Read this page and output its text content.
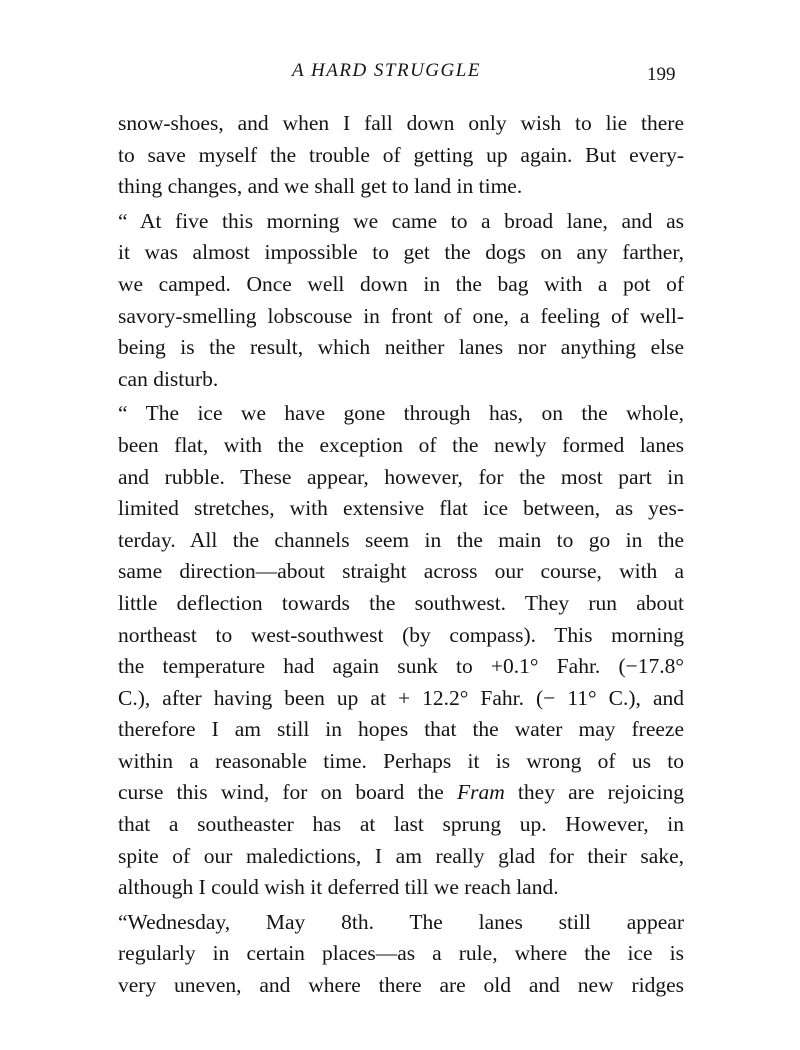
A HARD STRUGGLE	199
snow-shoes, and when I fall down only wish to lie there
to save myself the trouble of getting up again. But every-
thing changes, and we shall get to land in time.
“ At five this morning we came to a broad lane, and as
it was almost impossible to get the dogs on any farther,
we camped. Once well down in the bag with a pot of
savory-smelling lobscouse in front of one, a feeling of well-
being is the result, which neither lanes nor anything else
can disturb.
“ The ice we have gone through has, on the whole,
been flat, with the exception of the newly formed lanes
and rubble. These appear, however, for the most part in
limited stretches, with extensive flat ice between, as yes-
terday. All the channels seem in the main to go in the
same direction—about straight across our course, with a
little deflection towards the southwest. They run about
northeast to west-southwest (by compass). This morning
the temperature had again sunk to +0.1° Fahr. (−17.8°
C.), after having been up at + 12.2° Fahr. (− 11° C.), and
therefore I am still in hopes that the water may freeze
within a reasonable time. Perhaps it is wrong of us to
curse this wind, for on board the Fram they are rejoicing
that a southeaster has at last sprung up. However, in
spite of our maledictions, I am really glad for their sake,
although I could wish it deferred till we reach land.
“Wednesday, May 8th. The lanes still appear
regularly in certain places—as a rule, where the ice is
very uneven, and where there are old and new ridges
